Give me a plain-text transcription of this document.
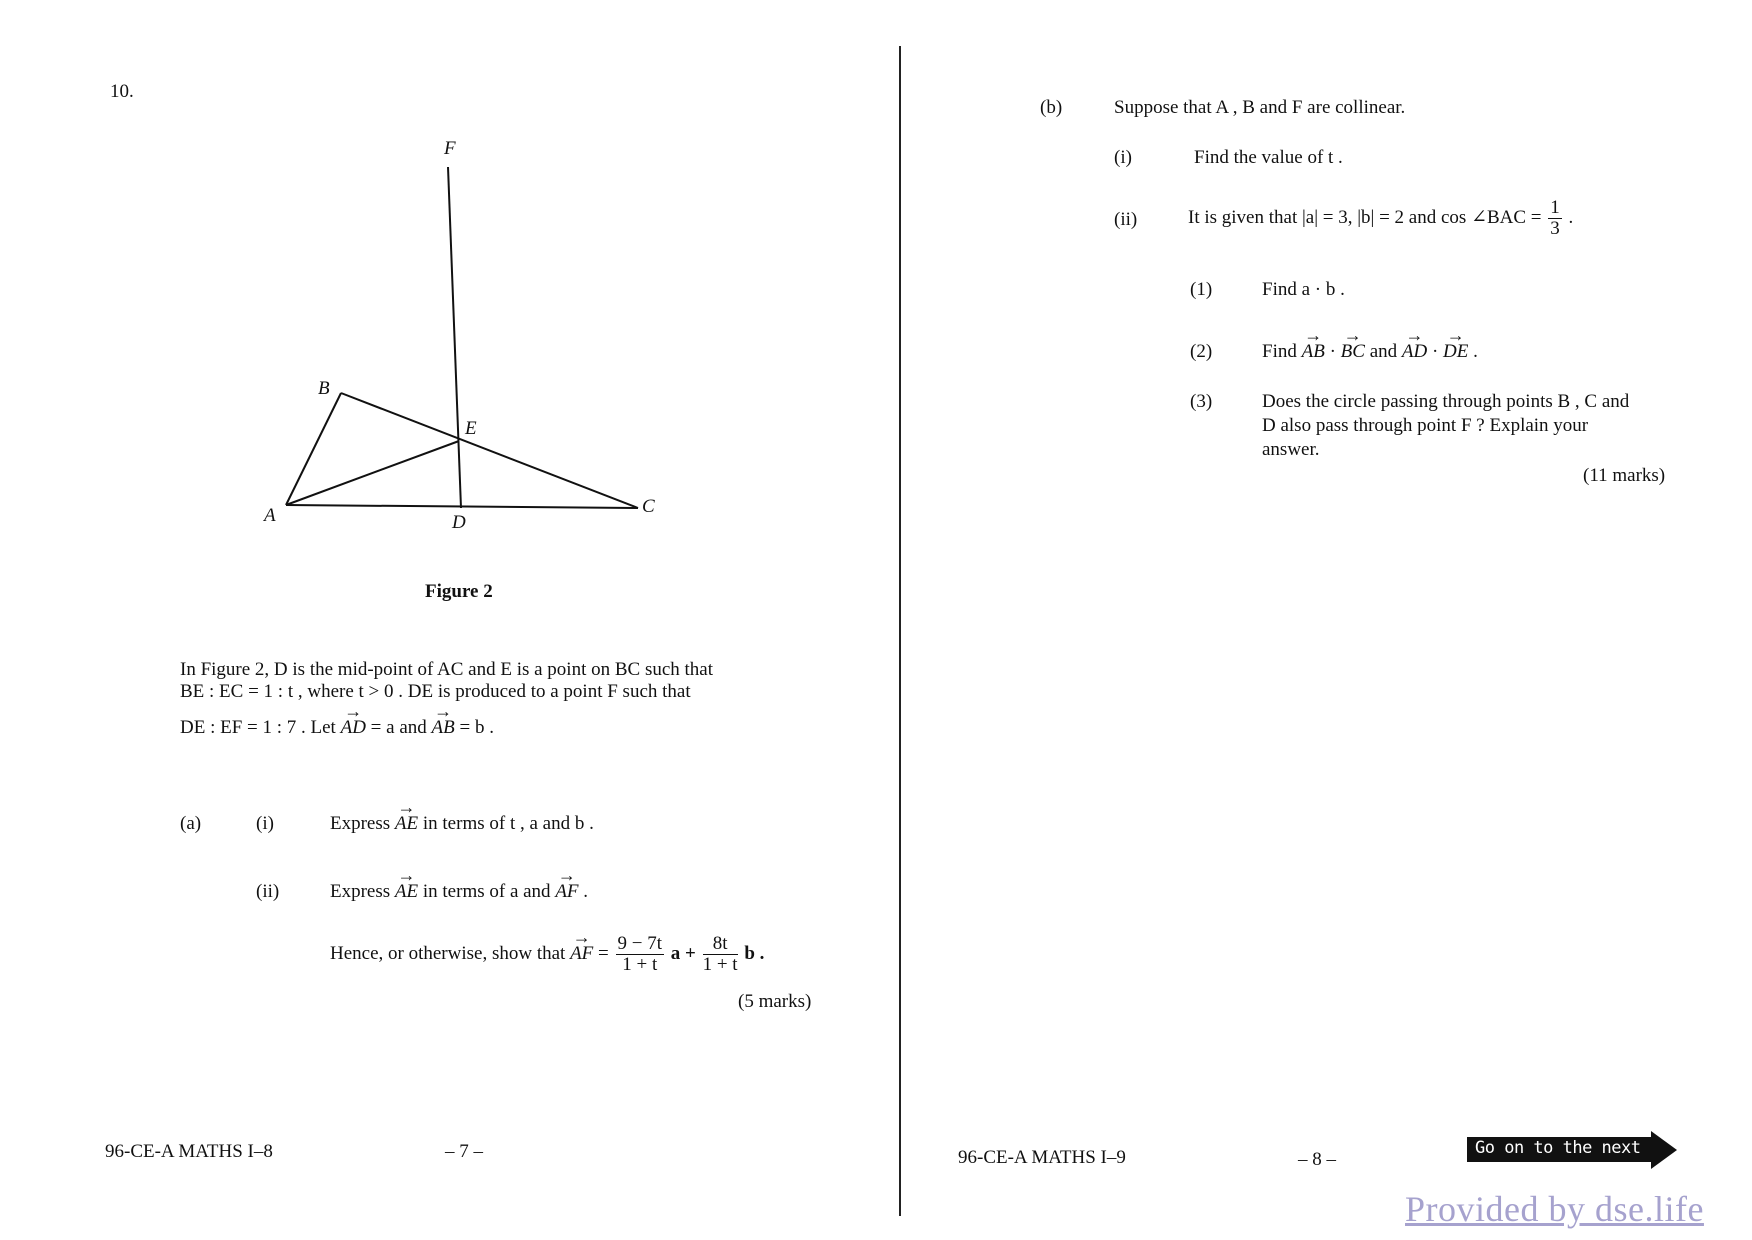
10.
F
B
E
A	D
C
Figure 2
In Figure 2, D is the mid-point of AC and E is a point on BC such that
BE : EC = 1 : t , where t > 0 . DE is produced to a point F such that
DE : EF = 1 : 7 . Let → AD = a and → AB = b .
(a)	(i)	Express → AE in terms of t , a and b .
(ii)	Express → AE in terms of a and → AF .
Hence, or otherwise, show that → AF = $\frac{9 - 7t}{1 + t}$ $a + \frac{8t}{1 + t}$ b .
(5 marks)
96-CE-A MATHS I–8	– 7 –
(b)	Suppose that A , B and F are collinear.
(i)	Find the value of t .
(ii)	It is given that |a| = 3, |b| = 2 and cos ∠BAC = $\frac{1}{3}$ .
(1)	Find a · b .
(2)	Find → AB · → BC and → AD · → DE .
(3)	Does the circle passing through points B , C and
D also pass through point F ? Explain your
answer.
(11 marks)
96-CE-A MATHS I–9	– 8 –
Go on to the next page
Provided by dse.life
